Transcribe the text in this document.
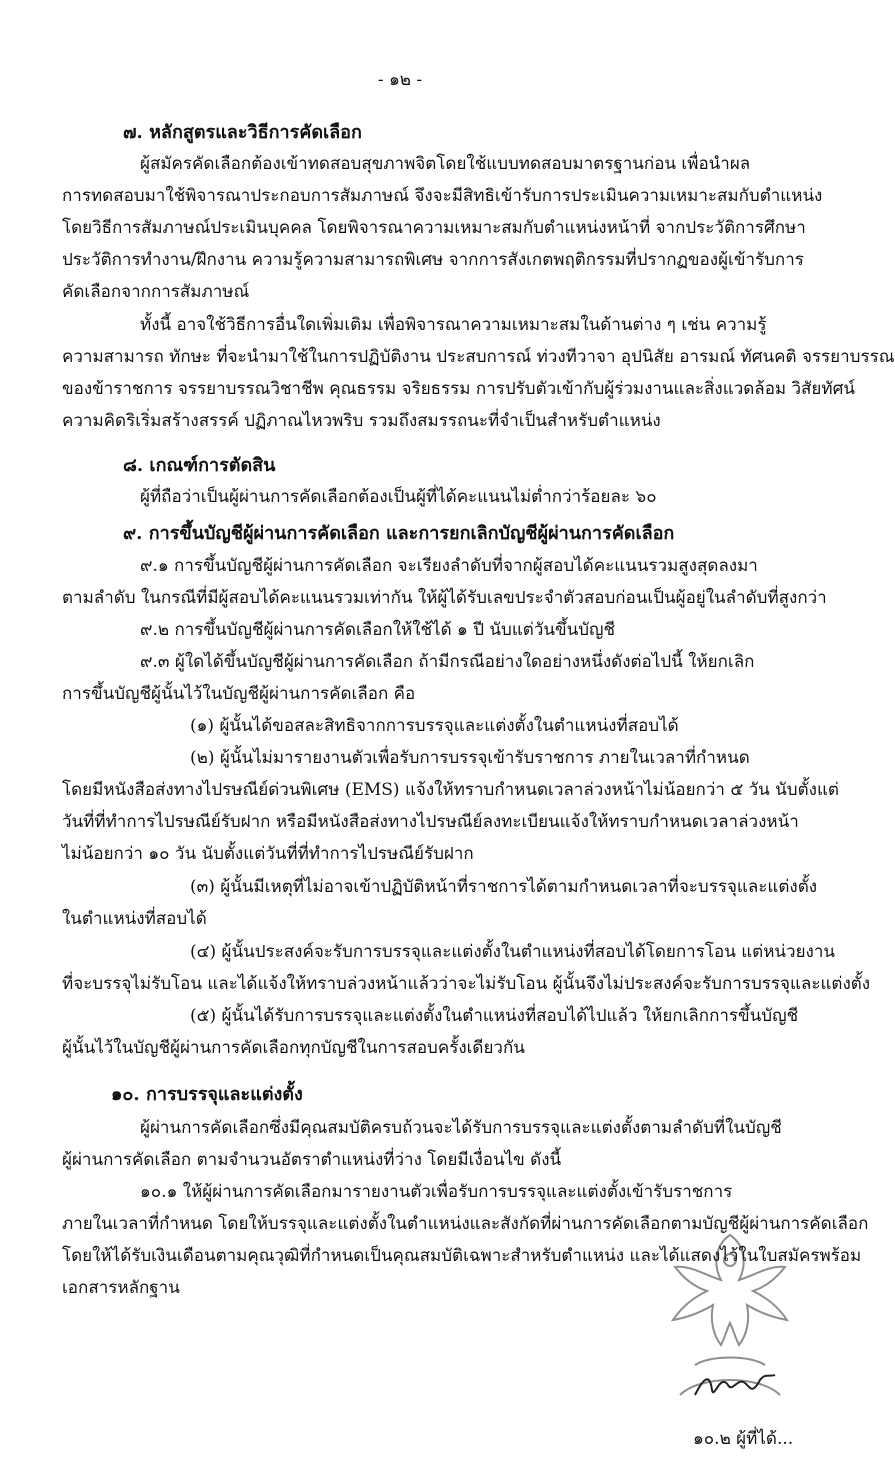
- ๑๒ -
๗. หลักสูตรและวิธีการคัดเลือก
ผู้สมัครคัดเลือกต้องเข้าทดสอบสุขภาพจิตโดยใช้แบบทดสอบมาตรฐานก่อน เพื่อนำผล
การทดสอบมาใช้พิจารณาประกอบการสัมภาษณ์ จึงจะมีสิทธิเข้ารับการประเมินความเหมาะสมกับตำแหน่ง
โดยวิธีการสัมภาษณ์ประเมินบุคคล โดยพิจารณาความเหมาะสมกับตำแหน่งหน้าที่ จากประวัติการศึกษา
ประวัติการทำงาน/ฝึกงาน ความรู้ความสามารถพิเศษ จากการสังเกตพฤติกรรมที่ปรากฏของผู้เข้ารับการ
คัดเลือกจากการสัมภาษณ์
ทั้งนี้ อาจใช้วิธีการอื่นใดเพิ่มเติม เพื่อพิจารณาความเหมาะสมในด้านต่าง ๆ เช่น ความรู้
ความสามารถ ทักษะ ที่จะนำมาใช้ในการปฏิบัติงาน ประสบการณ์ ท่วงทีวาจา อุปนิสัย อารมณ์ ทัศนคติ จรรยาบรรณ
ของข้าราชการ จรรยาบรรณวิชาชีพ คุณธรรม จริยธรรม การปรับตัวเข้ากับผู้ร่วมงานและสิ่งแวดล้อม วิสัยทัศน์
ความคิดริเริ่มสร้างสรรค์ ปฏิภาณไหวพริบ รวมถึงสมรรถนะที่จำเป็นสำหรับตำแหน่ง
๘. เกณฑ์การตัดสิน
ผู้ที่ถือว่าเป็นผู้ผ่านการคัดเลือกต้องเป็นผู้ที่ได้คะแนนไม่ต่ำกว่าร้อยละ ๖๐
๙. การขึ้นบัญชีผู้ผ่านการคัดเลือก และการยกเลิกบัญชีผู้ผ่านการคัดเลือก
๙.๑ การขึ้นบัญชีผู้ผ่านการคัดเลือก จะเรียงลำดับที่จากผู้สอบได้คะแนนรวมสูงสุดลงมา
ตามลำดับ ในกรณีที่มีผู้สอบได้คะแนนรวมเท่ากัน ให้ผู้ได้รับเลขประจำตัวสอบก่อนเป็นผู้อยู่ในลำดับที่สูงกว่า
๙.๒ การขึ้นบัญชีผู้ผ่านการคัดเลือกให้ใช้ได้ ๑ ปี นับแต่วันขึ้นบัญชี
๙.๓ ผู้ใดได้ขึ้นบัญชีผู้ผ่านการคัดเลือก ถ้ามีกรณีอย่างใดอย่างหนึ่งดังต่อไปนี้ ให้ยกเลิก
การขึ้นบัญชีผู้นั้นไว้ในบัญชีผู้ผ่านการคัดเลือก คือ
(๑) ผู้นั้นได้ขอสละสิทธิจากการบรรจุและแต่งตั้งในตำแหน่งที่สอบได้
(๒) ผู้นั้นไม่มารายงานตัวเพื่อรับการบรรจุเข้ารับราชการ ภายในเวลาที่กำหนด
โดยมีหนังสือส่งทางไปรษณีย์ด่วนพิเศษ (EMS) แจ้งให้ทราบกำหนดเวลาล่วงหน้าไม่น้อยกว่า ๕ วัน นับตั้งแต่
วันที่ที่ทำการไปรษณีย์รับฝาก หรือมีหนังสือส่งทางไปรษณีย์ลงทะเบียนแจ้งให้ทราบกำหนดเวลาล่วงหน้า
ไม่น้อยกว่า ๑๐ วัน นับตั้งแต่วันที่ที่ทำการไปรษณีย์รับฝาก
(๓) ผู้นั้นมีเหตุที่ไม่อาจเข้าปฏิบัติหน้าที่ราชการได้ตามกำหนดเวลาที่จะบรรจุและแต่งตั้ง
ในตำแหน่งที่สอบได้
(๔) ผู้นั้นประสงค์จะรับการบรรจุและแต่งตั้งในตำแหน่งที่สอบได้โดยการโอน แต่หน่วยงาน
ที่จะบรรจุไม่รับโอน และได้แจ้งให้ทราบล่วงหน้าแล้วว่าจะไม่รับโอน ผู้นั้นจึงไม่ประสงค์จะรับการบรรจุและแต่งตั้ง
(๕) ผู้นั้นได้รับการบรรจุและแต่งตั้งในตำแหน่งที่สอบได้ไปแล้ว ให้ยกเลิกการขึ้นบัญชี
ผู้นั้นไว้ในบัญชีผู้ผ่านการคัดเลือกทุกบัญชีในการสอบครั้งเดียวกัน
๑๐. การบรรจุและแต่งตั้ง
ผู้ผ่านการคัดเลือกซึ่งมีคุณสมบัติครบถ้วนจะได้รับการบรรจุและแต่งตั้งตามลำดับที่ในบัญชี
ผู้ผ่านการคัดเลือก ตามจำนวนอัตราตำแหน่งที่ว่าง โดยมีเงื่อนไข ดังนี้
๑๐.๑ ให้ผู้ผ่านการคัดเลือกมารายงานตัวเพื่อรับการบรรจุและแต่งตั้งเข้ารับราชการ
ภายในเวลาที่กำหนด โดยให้บรรจุและแต่งตั้งในตำแหน่งและสังกัดที่ผ่านการคัดเลือกตามบัญชีผู้ผ่านการคัดเลือก
โดยให้ได้รับเงินเดือนตามคุณวุฒิที่กำหนดเป็นคุณสมบัติเฉพาะสำหรับตำแหน่ง และได้แสดงไว้ในใบสมัครพร้อม
เอกสารหลักฐาน
๑๐.๒ ผู้ที่ได้...
